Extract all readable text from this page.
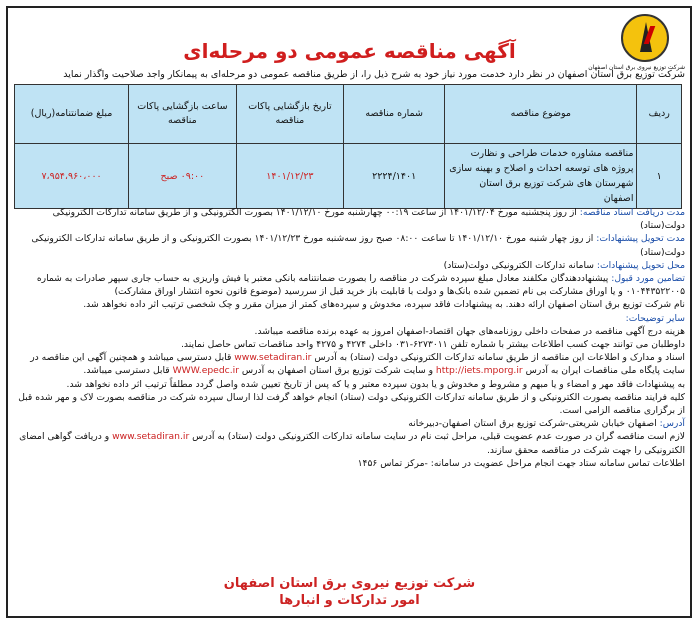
شرکت توزیع نیروی برق استان اصفهان
آگهی مناقصه عمومی دو مرحله‌ای
شرکت توزیع برق استان اصفهان در نظر دارد خدمت مورد نیاز خود به شرح ذیل را، از طریق مناقصه عمومی دو مرحله‌ای به پیمانکار واجد صلاحیت واگذار نماید
ردیف	موضوع مناقصه	شماره مناقصه	تاریخ بازگشایی پاکات مناقصه	ساعت بازگشایی پاکات مناقصه	مبلغ ضمانتنامه(ریال)
۱	مناقصه مشاوره خدمات طراحی و نظارت پروژه های توسعه احداث و اصلاح و بهینه سازی شهرستان های شرکت توزیع برق استان اصفهان	۲۲۲۴/۱۴۰۱	۱۴۰۱/۱۲/۲۳	۰۹:۰۰ صبح	۷،۹۵۴،۹۶۰،۰۰۰

مدت دریافت اسناد مناقصه: از روز پنجشنبه مورخ ۱۴۰۱/۱۲/۰۴ از ساعت ۰۰:۱۹ چهارشنبه مورخ ۱۴۰۱/۱۲/۱۰ بصورت الکترونیکی و از طریق سامانه تدارکات الکترونیکی دولت(ستاد)

مدت تحویل پیشنهادات: از روز چهار شنبه مورخ ۱۴۰۱/۱۲/۱۰ تا ساعت ۰۸:۰۰ صبح روز سه‌شنبه مورخ ۱۴۰۱/۱۲/۲۳ بصورت الکترونیکی و از طریق سامانه تدارکات الکترونیکی دولت(ستاد)

محل تحویل پیشنهادات: سامانه تدارکات الکترونیکی دولت(ستاد)

تضامین مورد قبول: پیشنهاددهندگان مکلفند معادل مبلغ سپرده شرکت در مناقصه را بصورت ضمانتنامه بانکی معتبر یا فیش واریزی به حساب جاری سپهر صادرات به شماره ۰۱۰۴۴۳۵۲۲۰۰۵ و یا اوراق مشارکت بی نام تضمین شده بانک‌ها و دولت با قابلیت باز خرید قبل از سررسید (موضوع قانون نحوه انتشار اوراق مشارکت)

نام شرکت توزیع برق استان اصفهان ارائه دهند. به پیشنهادات فاقد سپرده، مخدوش و سپرده‌های کمتر از میزان مقرر و چک شخصی ترتیب اثر داده نخواهد شد.

سایر توضیحات:

هزینه درج آگهی مناقصه در صفحات داخلی روزنامه‌های جهان اقتصاد-اصفهان امروز به عهده برنده مناقصه میباشد.

داوطلبان می توانند جهت کسب اطلاعات بیشتر با شماره تلفن ۶۲۷۳۰۱۱-۰۳۱ داخلی ۴۲۷۴ و ۴۲۷۵ واحد مناقصات تماس حاصل نمایند.

اسناد و مدارک و اطلاعات این مناقصه از طریق سامانه تدارکات الکترونیکی دولت (ستاد) به آدرس www.setadiran.ir قابل دسترسی میباشد و همچنین آگهی این مناقصه در سایت پایگاه ملی مناقصات ایران به آدرس http://iets.mporg.ir و سایت شرکت توزیع برق استان اصفهان به آدرس WWW.epedc.ir قابل دسترسی میباشد.

به پیشنهادات فاقد مهر و امضاء و یا مبهم و مشروط و مخدوش و یا بدون سپرده معتبر و یا که پس از تاریخ تعیین شده واصل گردد مطلقاً ترتیب اثر داده نخواهد شد.

کلیه فرایند مناقصه بصورت الکترونیکی و از طریق سامانه تدارکات الکترونیکی دولت (ستاد) انجام خواهد گرفت لذا ارسال سپرده شرکت در مناقصه بصورت لاک و مهر شده قبل از برگزاری مناقصه الزامی است.

آدرس: اصفهان خیابان شریعتی-شرکت توزیع برق استان اصفهان-دبیرخانه

لازم است مناقصه گران در صورت عدم عضویت قبلی، مراحل ثبت نام در سایت سامانه تدارکات الکترونیکی دولت (ستاد) به آدرس www.setadiran.ir و دریافت گواهی امضای الکترونیکی را جهت شرکت در مناقصه محقق سازند.

اطلاعات تماس سامانه ستاد جهت انجام مراحل عضویت در سامانه: -مرکز تماس ۱۴۵۶

شرکت توزیع نیروی برق استان اصفهان
امور تدارکات و انبارها
